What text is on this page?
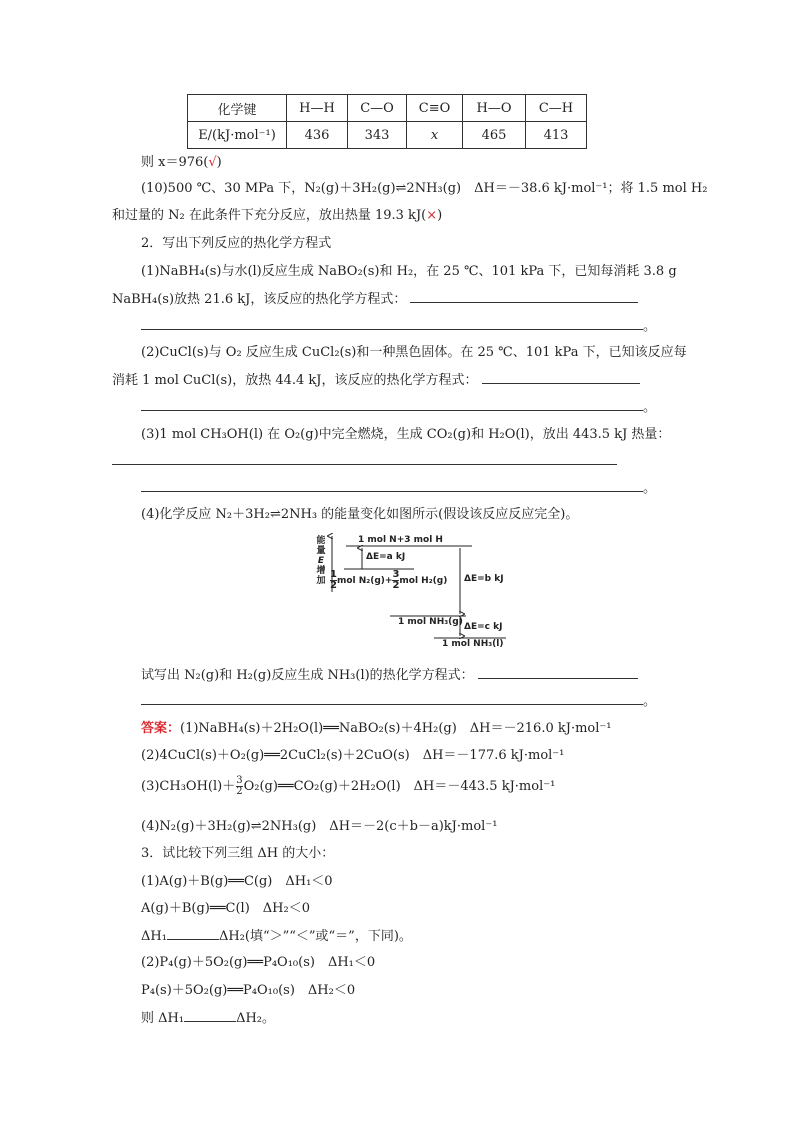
化学键	H—H	C—O	C≡O	H—O	C—H
E/(kJ·mol⁻¹)	436	343	x	465	413
则 x＝976(√)
(10)500 ℃、30 MPa 下，N₂(g)＋3H₂(g)⇌2NH₃(g)　ΔH＝－38.6 kJ·mol⁻¹；将 1.5 mol H₂
和过量的 N₂ 在此条件下充分反应，放出热量 19.3 kJ(×)
2．写出下列反应的热化学方程式
(1)NaBH₄(s)与水(l)反应生成 NaBO₂(s)和 H₂，在 25 ℃、101 kPa 下，已知每消耗 3.8 g
NaBH₄(s)放热 21.6 kJ，该反应的热化学方程式：
。
(2)CuCl(s)与 O₂ 反应生成 CuCl₂(s)和一种黑色固体。在 25 ℃、101 kPa 下，已知该反应每
消耗 1 mol CuCl(s)，放热 44.4 kJ，该反应的热化学方程式：
。
(3)1 mol CH₃OH(l) 在 O₂(g)中完全燃烧，生成 CO₂(g)和 H₂O(l)，放出 443.5 kJ 热量：
。
(4)化学反应 N₂＋3H₂⇌2NH₃ 的能量变化如图所示(假设该反应反应完全)。
能
量
E
增
加
1 mol N+3 mol H
ΔE=a kJ
ΔE=b kJ
ΔE=c kJ
$\frac{1}{2}$ mol $N_2(g)+ \frac{3}{2}$ mol H₂(g)
1 mol NH₃(g)
1 mol NH₃(l)
试写出 N₂(g)和 H₂(g)反应生成 NH₃(l)的热化学方程式：
。
答案：(1)NaBH₄(s)＋2H₂O(l)══NaBO₂(s)＋4H₂(g)　ΔH＝－216.0 kJ·mol⁻¹
(2)4CuCl(s)＋O₂(g)══2CuCl₂(s)＋2CuO(s)　ΔH＝－177.6 kJ·mol⁻¹
$(3)CH_3OH(l)+ \frac{3}{2}$ O₂(g)══CO₂(g)＋2H₂O(l)　ΔH＝－443.5 kJ·mol⁻¹
(4)N₂(g)＋3H₂(g)⇌2NH₃(g)　ΔH＝－2(c＋b－a)kJ·mol⁻¹
3．试比较下列三组 ΔH 的大小：
(1)A(g)＋B(g)══C(g)　ΔH₁＜0
A(g)＋B(g)══C(l)　ΔH₂＜0
ΔH₁	ΔH₂(填“＞”“＜”或“＝”，下同)。
(2)P₄(g)＋5O₂(g)══P₄O₁₀(s)　ΔH₁＜0
P₄(s)＋5O₂(g)══P₄O₁₀(s)　ΔH₂＜0
则 ΔH₁	ΔH₂。
